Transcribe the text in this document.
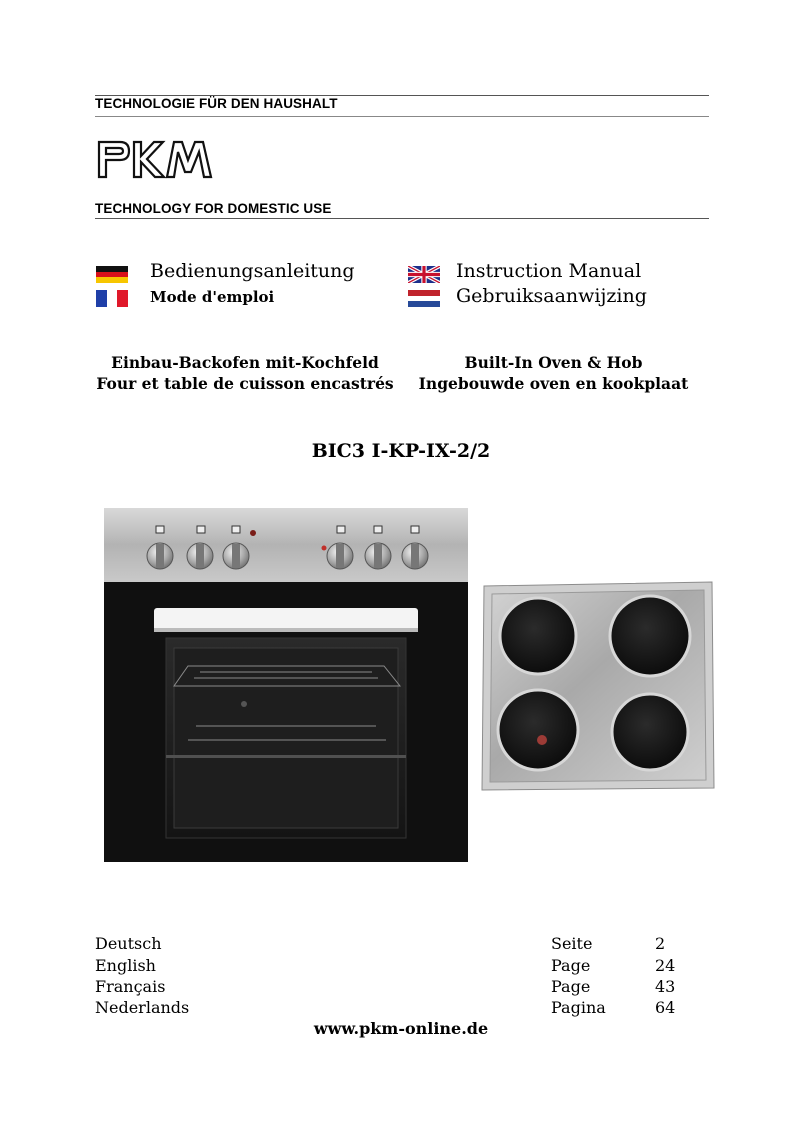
TECHNOLOGIE FÜR DEN HAUSHALT
TECHNOLOGY FOR DOMESTIC USE
Bedienungsanleitung
Mode d'emploi
Instruction Manual
Gebruiksaanwijzing
Einbau-Backofen mit-Kochfeld
Four et table de cuisson encastrés
Built-In Oven & Hob
Ingebouwde oven en kookplaat
BIC3 I-KP-IX-2/2
Deutsch	Seite	2
English	Page	24
Français	Page	43
Nederlands	Pagina	64
www.pkm-online.de
